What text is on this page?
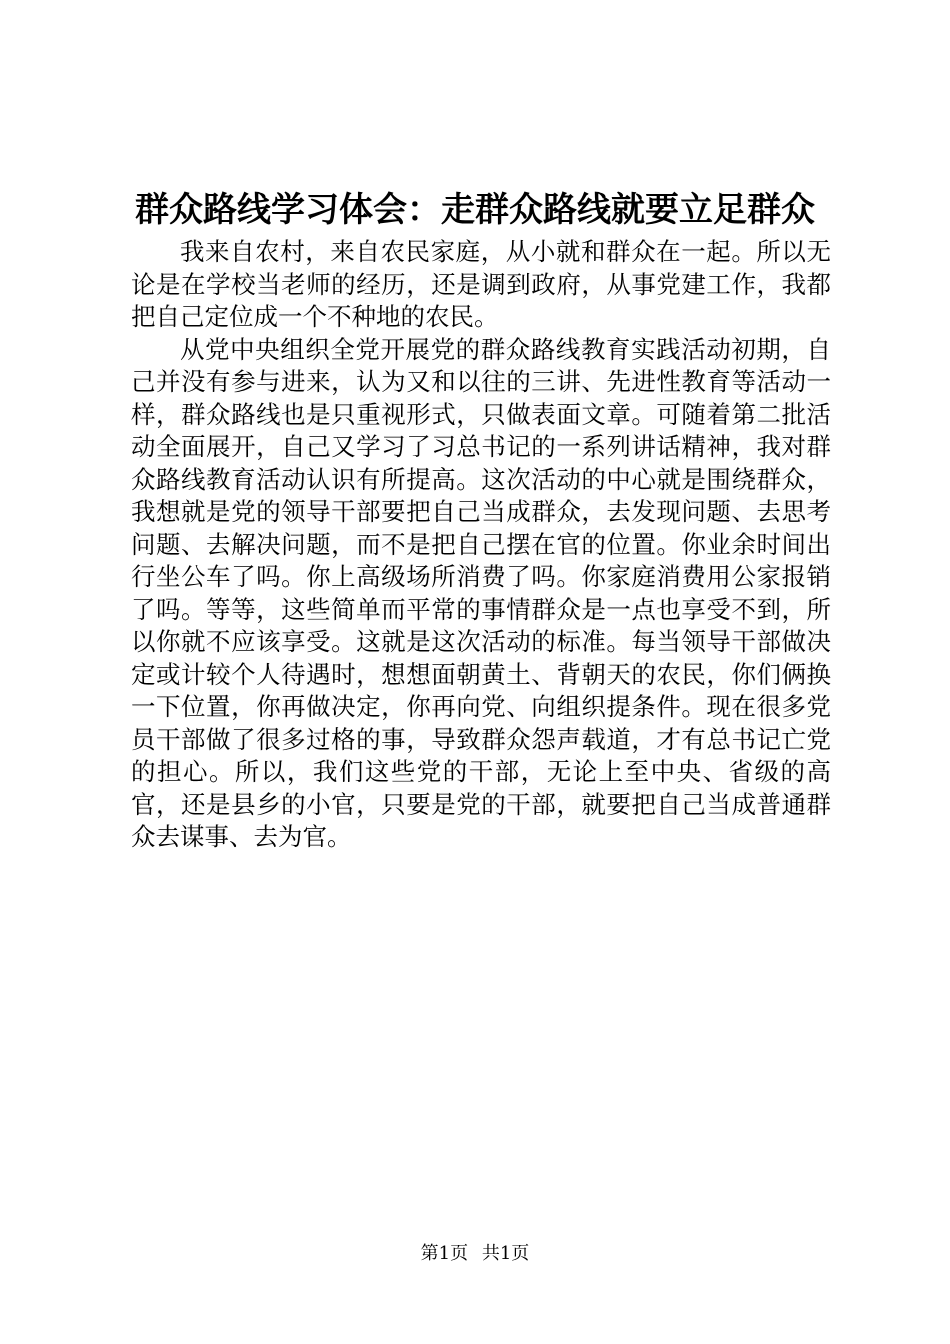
群众路线学习体会：走群众路线就要立足群众

我来自农村，来自农民家庭，从小就和群众在一起。所以无论是在学校当老师的经历，还是调到政府，从事党建工作，我都把自己定位成一个不种地的农民。

从党中央组织全党开展党的群众路线教育实践活动初期，自己并没有参与进来，认为又和以往的三讲、先进性教育等活动一样，群众路线也是只重视形式，只做表面文章。可随着第二批活动全面展开，自己又学习了习总书记的一系列讲话精神，我对群众路线教育活动认识有所提高。这次活动的中心就是围绕群众，我想就是党的领导干部要把自己当成群众，去发现问题、去思考问题、去解决问题，而不是把自己摆在官的位置。你业余时间出行坐公车了吗。你上高级场所消费了吗。你家庭消费用公家报销了吗。等等，这些简单而平常的事情群众是一点也享受不到，所以你就不应该享受。这就是这次活动的标准。每当领导干部做决定或计较个人待遇时，想想面朝黄土、背朝天的农民，你们俩换一下位置，你再做决定，你再向党、向组织提条件。现在很多党员干部做了很多过格的事，导致群众怨声载道，才有总书记亡党的担心。所以，我们这些党的干部，无论上至中央、省级的高官，还是县乡的小官，只要是党的干部，就要把自己当成普通群众去谋事、去为官。

第1页 共1页
